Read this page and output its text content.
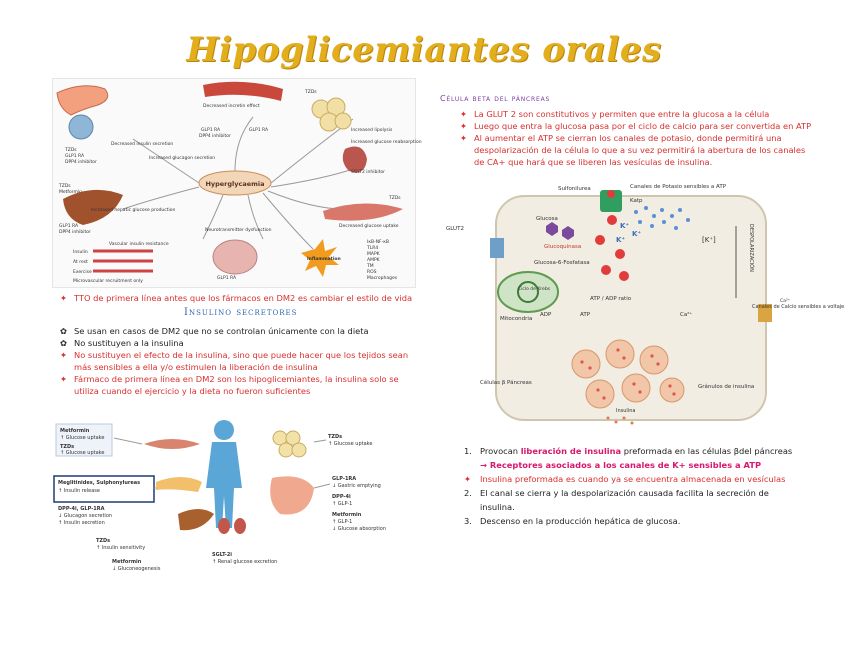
Hipoglicemiantes orales
Hyperglycaemia
Decreased incretin effect
GLP1 RA
DPP4 inhibitor
GLP1 RA
TZDs
Increased lipolysis
Increased glucose reabsorption
SGLT2 inhibitor
Decreased insulin secretion
Increased glucagon secretion
TZDs
GLP1 RA
DPP4 inhibitor
Increased hepatic glucose production
TZDs
Metformin
GLP1 RA
DPP4 inhibitor
Decreased glucose uptake
TZDs
Neurotransmitter dysfunction
GLP1 RA
Vascular insulin resistance
Insulin
At rest
Exercise
Microvascular recruitment only
Inflammation
IκB-NF-κB
TLR4
MAPK
AMPK
TM
ROS
Macrophages
✦ TTO de primera línea antes que los fármacos en DM2 es cambiar el estilo de vida
Insulino secretores
✿ Se usan en casos de DM2 que no se controlan únicamente con la dieta
✿ No sustituyen a la insulina
✦ No sustituyen el efecto de la insulina, sino que puede hacer que los tejidos sean
más sensibles a ella y/o estimulen la liberación de insulina
✦ Fármaco de primera línea en DM2 son los hipoglicemiantes, la insulina solo se
utiliza cuando el ejercicio y la dieta no fueron suficientes
Metformin
↑ Glucose uptake
TZDs
↑ Glucose uptake
Meglitinides, Sulphonylureas
↑ Insulin release
DPP-4i, GLP-1RA
↓ Glucagon secretion
↑ Insulin secretion
TZDs
↑ Insulin sensitivity
Metformin
↓ Gluconeogenesis
SGLT-2i
↑ Renal glucose excretion
TZDs
↑ Glucose uptake
GLP-1RA
↓ Gastric emptying
DPP-4i
↑ GLP-1
Metformin
↑ GLP-1
↓ Glucose absorption
Célula beta del páncreas
✦ La GLUT 2 son constitutivos y permiten que entre la glucosa a la célula
✦ Luego que entra la glucosa pasa por el ciclo de calcio para ser convertida en ATP
✦ Al aumentar el ATP se cierran los canales de potasio, donde permitirá una
despolarización de la célula lo que a su vez permitirá la abertura de los canales
de CA+ que hará que se liberen las vesículas de insulina.
K⁺
K⁺
K⁺
GLUT2
Glucosa
Glucoquinasa
Glucosa-6-Fosfatasa
Ciclo de Krebs
Mitocondria
Sulfonilurea	Canales de Potasio sensibles a ATP
Katp
ATP / ADP ratio
ADP	ATP
[K⁺]
Canales de Calcio sensibles a voltaje
Ca²⁺
Ca²⁺
Células β Páncreas
Gránulos de insulina
Insulina
DESPOLARIZACIÓN
1. Provocan liberación de insulina preformada en las células βdel páncreas
→ Receptores asociados a los canales de K+ sensibles a ATP
✦ Insulina preformada es cuando ya se encuentra almacenada en vesículas
2. El canal se cierra y la despolarización causada facilita la secreción de
insulina.
3. Descenso en la producción hepática de glucosa.
